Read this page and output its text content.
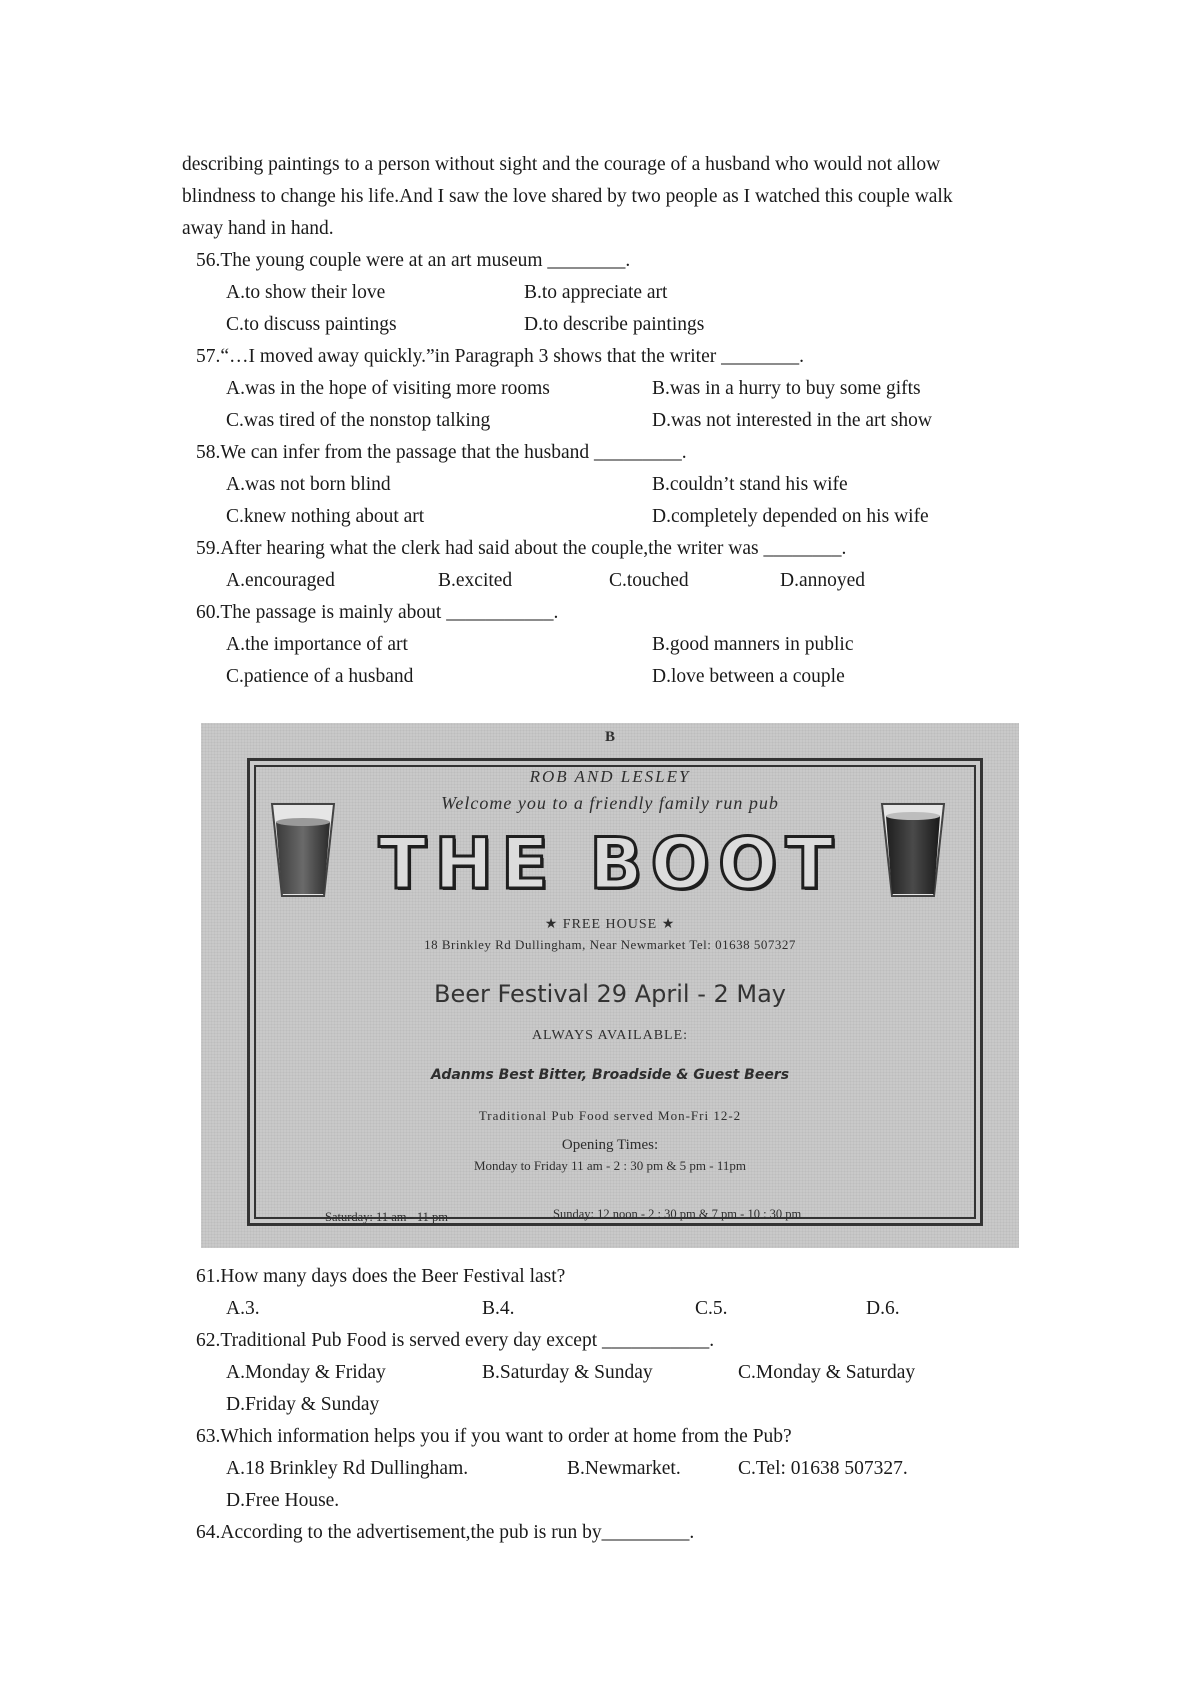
describing paintings to a person without sight and the courage of a husband who would not allow
blindness to change his life.And I saw the love shared by two people as I watched this couple walk
away hand in hand.
56.The young couple were at an art museum ________.
A.to show their love	B.to appreciate art
C.to discuss paintings	D.to describe paintings
57.“…I moved away quickly.”in Paragraph 3 shows that the writer ________.
A.was in the hope of visiting more rooms	B.was in a hurry to buy some gifts
C.was tired of the nonstop talking	D.was not interested in the art show
58.We can infer from the passage that the husband _________.
A.was not born blind	B.couldn’t stand his wife
C.knew nothing about art	D.completely depended on his wife
59.After hearing what the clerk had said about the couple,the writer was ________.
A.encouraged	B.excited	C.touched	D.annoyed
60.The passage is mainly about ___________.
A.the importance of art	B.good manners in public
C.patience of a husband	D.love between a couple
B
ROB AND LESLEY
Welcome you to a friendly family run pub
THE BOOT
★ FREE HOUSE ★
18 Brinkley Rd Dullingham, Near Newmarket Tel: 01638 507327
Beer Festival 29 April - 2 May
ALWAYS AVAILABLE:
Adanms Best Bitter, Broadside & Guest Beers
Traditional Pub Food served Mon-Fri 12-2
Opening Times:
Monday to Friday 11 am - 2 : 30 pm & 5 pm - 11pm
Saturday: 11 am - 11 pm	Sunday: 12 noon - 2 : 30 pm & 7 pm - 10 : 30 pm
61.How many days does the Beer Festival last?
A.3.	B.4.	C.5.	D.6.
62.Traditional Pub Food is served every day except ___________.
A.Monday & Friday	B.Saturday & Sunday	C.Monday & Saturday
D.Friday & Sunday
63.Which information helps you if you want to order at home from the Pub?
A.18 Brinkley Rd Dullingham.	B.Newmarket.	C.Tel: 01638 507327.
D.Free House.
64.According to the advertisement,the pub is run by_________.
